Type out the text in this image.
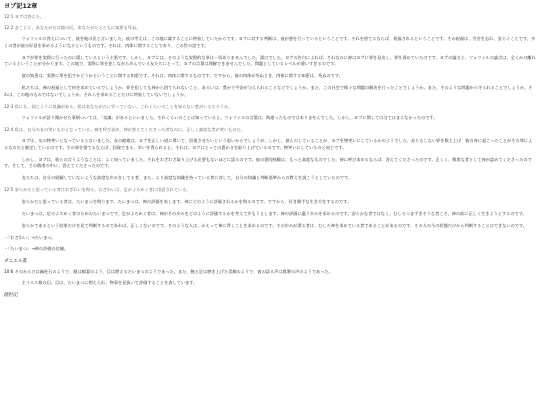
ヨブ記12章

12:1 ヨブは答えた。

12:2 まことに、あなたがたは地の民。あなたがたとともに知恵も死ぬ。

ツォファルの答えについて、彼を地の民と言いました。彼の考えは、この地に属することに終始していたからです。ヨブに対する判断は、彼が悪を行っているということです。それを捨てるならば、祝福されるということです。その祝福は、労苦を忘れ、安らぐことです。多くの者が彼の好意を求めるようになるというものです。それは、肉体に関することであり、この世の話です。

ヨブが罪を実際に行ったのに隠しているという主張です。しかし、ヨブには、そのような実際的な罪は一切ありませんでした。潔白でした。ヨブの告白によれば、それなのに神はヨブに罪を見出し、罪を責めていたのです。ヨブの論点と、ツォファルの論点は、全くかけ離れているということが分かります。この地で、実際に罪を犯しながら歩んでいる友たちにとって、ヨブの言葉は理解できませんでした。問題としているレベルが違いすぎるのです。

彼の知恵は、実際に罪を犯すかどうかということに関する知恵です。それは、肉体に関するものです。ですから、彼の肉体が死ぬとき、肉体に関する知恵は、死ぬのです。

私たちは、神の祝福として何を求めているでしょうか。罪を犯しても神から捨てられないこと、あるいは、豊かで平安が与えられることなどでしょうか。また、この社会で様々な問題の解決を行ったことでしょうか。また、そのような問題から守られることでしょうか。それは、この地のものではないでしょうか。それらを求めることだけに終始していないでしょうか。

12:3 私にも、同じように良識がある。私はあなたがたに劣っていない。これくらいのことを知らない者がいるだろうか。

ツォファルが語り聞かせた事柄ついては、「良識」があるといいました。それくらいのことは知っていると。ツォファルの言葉は、間違ったものではありませんでした。しかし、ヨブに関しては当てはまらなかったのです。

12:4 私は、自分の友の笑いものとなっている。神を呼び求め、神が答えてくださった者なのに。正しく誠実な者が笑いものだ。

ヨブは、友の物笑いとなっていると言いました。友の勧癒は、ヨブを正しい道に導いて、回復させたいという思いからでしょうが、しかし、彼らのしていることが、ヨブを物笑いにしているかのようでした。ありもしない罪を数え上げ、彼の身に起こったことがその罪によるものだと断定しているのです。その罪を捨てるならば、回復できる、幸いを得られると。それは、ヨブにとっての愚かさを取り上げているのです。物笑いにしているのと同じです。

しかし、ヨブは、彼らの言うようなことは、よく知っていました。それをわざわざ取り上げる必要もないほどに語るのです。彼の霊的経験は、もっと高度なものでした。神に呼び求めるならば、答えてくださったのです。正しく、敬虔な者として神が認めてくださったのです。そして、その敬虔の中に、答えてくださったのです。

友たちは、自分の経験していないような高度な歩みをしてる者、また、より高度な知識を持っている者に対して、自分の知識と判断基準からの教えを説こうとしていたのです。

12:5 安らかだと思っている者はわざわいを侮る。わざわいは、足がよろめく者に用意されている。

安らかだと思っている者は、たいまつを侮ります。たいまつは、神の評価を表します。神にどのように評価されるかを侮るのです。ですから、好き勝手な生き方をするのです。

たいまつは、足のよろめく者のためのたいまつです。足がよろめく者は、神がその歩みをどのように評価するかを考えて歩もうとします。神の評価に適う歩みを求めるのです。安らかな者ではなく、むしろつまずきそうな者こそ、神の前に正しく生きようとするのです。

安らかであるという結果だけを見て判断するのであれば、正しくないのです。そのような人は、かえって神に背くことを求めるのです。その歩みが滑る者は、むしろ神を求めている者であることがあるのです。その人の今の状態だけから判断することはできないのです。

・「わざわい」→たいまつ。

・「たいまつ」→神の評価の比喩。

ダニエル書

10:6 そのからだは緑柱石のようで、顔は稲妻のよう、目は燃えるたいまつのようであった。また、腕と足は磨き上げた青銅のようで、彼の語る声は群衆の声のようであった。

主イエス様の幻。目は、たいまつに例えられ、物事を見抜いて評価することを表しています。

創世記
